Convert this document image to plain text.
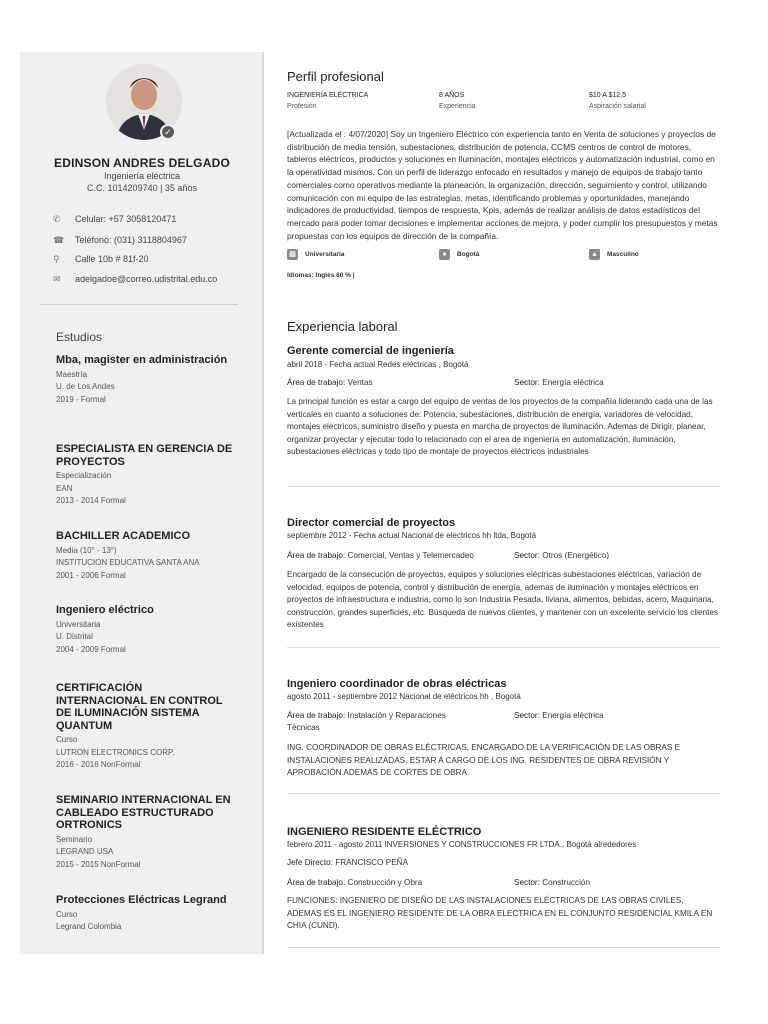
✓
EDINSON ANDRES DELGADO
Ingeniería eléctrica
C.C. 1014209740 | 35 años
✆	Celular: +57 3058120471
☎ Teléfono: (031) 3118804967
⚲	Calle 10b # 81f-20
✉	adelgadoe@correo.udistrital.edu.co
Estudios
Mba, magister en administración
Maestría
U. de Los Andes
2019 - Formal
ESPECIALISTA EN GERENCIA DE PROYECTOS
Especialización
EAN
2013 - 2014 Formal
BACHILLER ACADEMICO
Media (10° - 13°)
INSTITUCION EDUCATIVA SANTA ANA
2001 - 2006 Formal
Ingeniero eléctrico
Universitaria
U. Distrital
2004 - 2009 Formal
CERTIFICACIÓN INTERNACIONAL EN CONTROL DE ILUMINACIÓN SISTEMA QUANTUM
Curso
LUTRON ELECTRONICS CORP.
2016 - 2016 NonFormal
SEMINARIO INTERNACIONAL EN CABLEADO ESTRUCTURADO ORTRONICS
Seminario
LEGRAND USA
2015 - 2015 NonFormal
Protecciones Eléctricas Legrand
Curso
Legrand Colombia
Perfil profesional
INGENIERÍA ELÉCTRICA
Profesión
8 AÑOS
Experiencia
$10 A $12,5
Aspiración salarial
[Actualizada el : 4/07/2020] Soy un Ingeniero Eléctrico con experiencia tanto en Venta de soluciones y proyectos de distribución de media tensión, subestaciones, distribución de potencia, CCMS centros de control de motores, tableros eléctricos, productos y soluciones en Iluminación, montajes eléctricos y automatización industrial, como en la operatividad mismos. Con un perfil de liderazgo enfocado en resultados y manejo de equipos de trabajo tanto comerciales como operativos mediante la planeación, la organización, dirección, seguimiento y control, utilizando comunicación con mi equipo de las estrategias, metas, identificando problemas y oportunidades, manejando indicadores de productividad, tiempos de respuesta, Kpis, además de realizar análisis de datos estadísticos del mercado para poder tomar decisiones e implementar acciones de mejora, y poder cumplir los presupuestos y metas propuestas con los equipos de dirección de la compañía.
▤	Universitaria	●	Bogotá	▲	Masculino
Idiomas: Inglés 80 % |
Experiencia laboral
Gerente comercial de ingeniería
abril 2018 - Fecha actual Redes eléctricas , Bogotá
Área de trabajo: Ventas	Sector: Energía eléctrica
La principal función es estar a cargo del equipo de ventas de los proyectos de la compañía liderando cada una de las verticales en cuanto a soluciones de: Potencia, subestaciones, distribución de energía, variadores de velocidad, montajes electricos, suministro diseño y puesta en marcha de proyectos de iluminación. Ademas de Dirigir, planear, organizar proyectar y ejecutar todo lo relacionado con el area de ingeniería en automatización, iluminación, subestaciones eléctricas y todo tipo de montaje de proyectos eléctricos industriales
Director comercial de proyectos
septiembre 2012 - Fecha actual Nacional de electricos hh ltda, Bogotá
Área de trabajo: Comercial, Ventas y Telemercadeo	Sector: Otros (Energético)
Encargado de la consecución de proyectos, equipos y soluciones eléctricas subestaciones eléctricas, variación de velocidad, equipos de potencia, control y distribución de energía, ademas de iluminación y montajes eléctricos en proyectos de infraestructura e industria, como lo son Industria Pesada, liviana, alimentos, bebidas, acero, Maquinaria, construcción, grandes superficies, etc. Búsqueda de nuevos clientes, y mantener con un excelente servicio los clientes existentes
Ingeniero coordinador de obras eléctricas
agosto 2011 - septiembre 2012 Nacional de eléctricos hh , Bogotá
Área de trabajo: Instalación y Reparaciones
Técnicas
Sector: Energía eléctrica
ING. COORDINADOR DE OBRAS ELÉCTRICAS, ENCARGADO DE LA VERIFICACIÓN DE LAS OBRAS E INSTALACIONES REALIZADAS, ESTAR A CARGO DE LOS ING. RESIDENTES DE OBRA REVISIÓN Y APROBACIÓN ADEMAS DE CORTES DE OBRA.
INGENIERO RESIDENTE ELÉCTRICO
febrero 2011 - agosto 2011 INVERSIONES Y CONSTRUCCIONES FR LTDA., Bogotá alrededores
Jefe Directo: FRANCISCO PEÑA
Área de trabajo: Construcción y Obra	Sector: Construcción
FUNCIONES: INGENIERO DE DISEÑO DE LAS INSTALACIONES ELÉCTRICAS DE LAS OBRAS CIVILES, ADEMAS ES EL INGENIERO RESIDENTE DE LA OBRA ELECTRICA EN EL CONJUNTO RESIDENCIAL KMILA EN CHIA (CUND).
